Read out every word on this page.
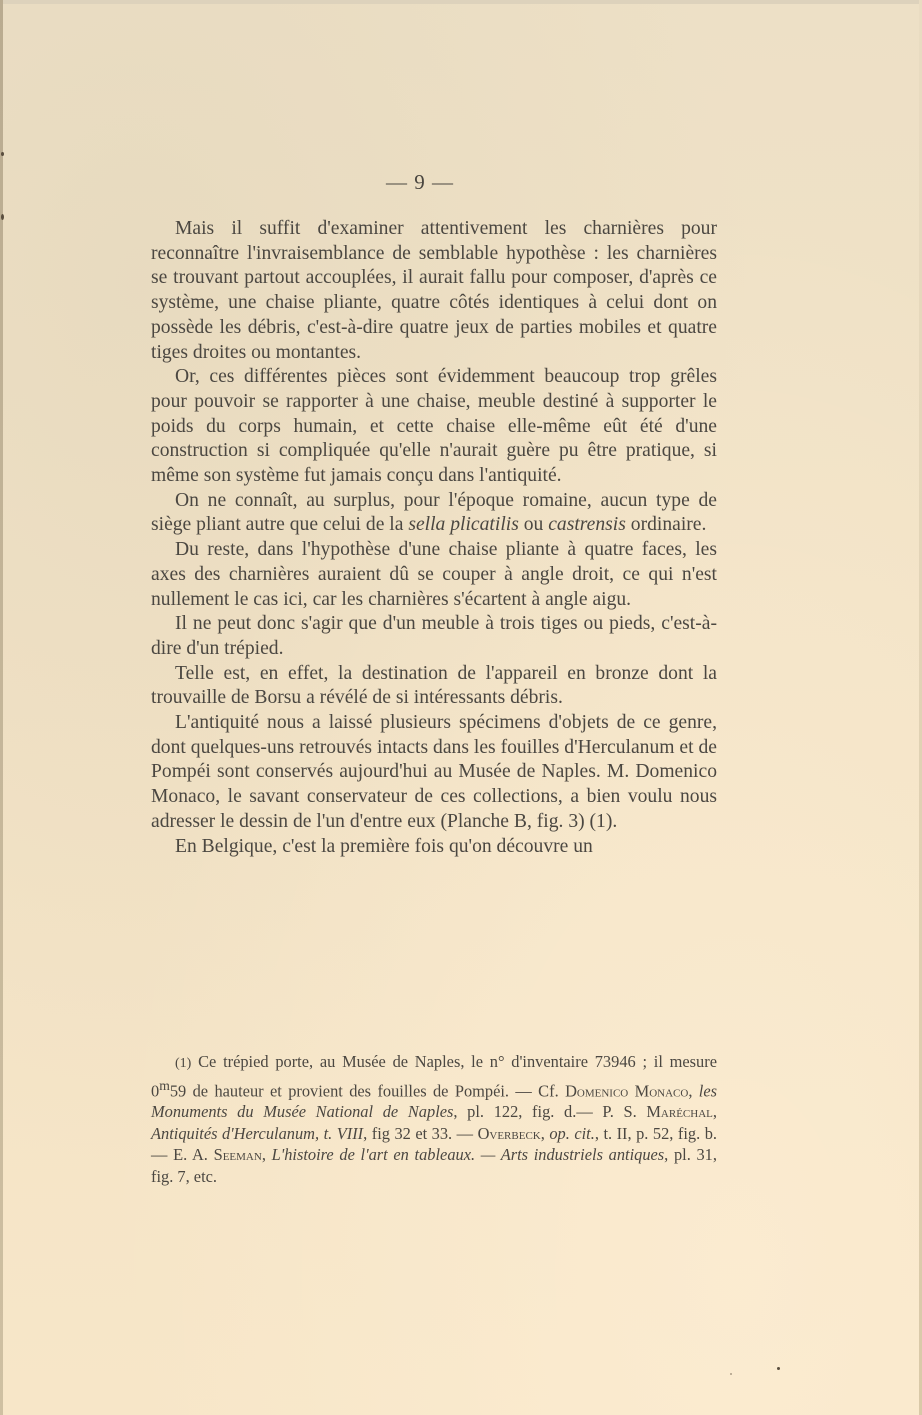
— 9 —

Mais il suffit d'examiner attentivement les charnières pour reconnaître l'invraisemblance de semblable hypothèse : les charnières se trouvant partout accouplées, il aurait fallu pour composer, d'après ce système, une chaise pliante, quatre côtés identiques à celui dont on possède les débris, c'est-à-dire quatre jeux de parties mobiles et quatre tiges droites ou montantes.

Or, ces différentes pièces sont évidemment beaucoup trop grêles pour pouvoir se rapporter à une chaise, meuble destiné à supporter le poids du corps humain, et cette chaise elle-même eût été d'une construction si compliquée qu'elle n'aurait guère pu être pratique, si même son système fut jamais conçu dans l'antiquité.

On ne connaît, au surplus, pour l'époque romaine, aucun type de siège pliant autre que celui de la sella plicatilis ou castrensis ordinaire.

Du reste, dans l'hypothèse d'une chaise pliante à quatre faces, les axes des charnières auraient dû se couper à angle droit, ce qui n'est nullement le cas ici, car les charnières s'écartent à angle aigu.

Il ne peut donc s'agir que d'un meuble à trois tiges ou pieds, c'est-à-dire d'un trépied.

Telle est, en effet, la destination de l'appareil en bronze dont la trouvaille de Borsu a révélé de si intéressants débris.

L'antiquité nous a laissé plusieurs spécimens d'objets de ce genre, dont quelques-uns retrouvés intacts dans les fouilles d'Herculanum et de Pompéi sont conservés aujourd'hui au Musée de Naples. M. Domenico Monaco, le savant conservateur de ces collections, a bien voulu nous adresser le dessin de l'un d'entre eux (Planche B, fig. 3) (1).

En Belgique, c'est la première fois qu'on découvre un

(1) Ce trépied porte, au Musée de Naples, le n° d'inventaire 73946 ; il mesure 0$^m$59 de hauteur et provient des fouilles de Pompéi. — Cf. Domenico Monaco, les Monuments du Musée National de Naples, pl. 122, fig. d.— P. S. Maréchal, Antiquités d'Herculanum, t. VIII, fig 32 et 33. — Overbeck, op. cit., t. II, p. 52, fig. b. — E. A. Seeman, L'histoire de l'art en tableaux. — Arts industriels antiques, pl. 31, fig. 7, etc.
